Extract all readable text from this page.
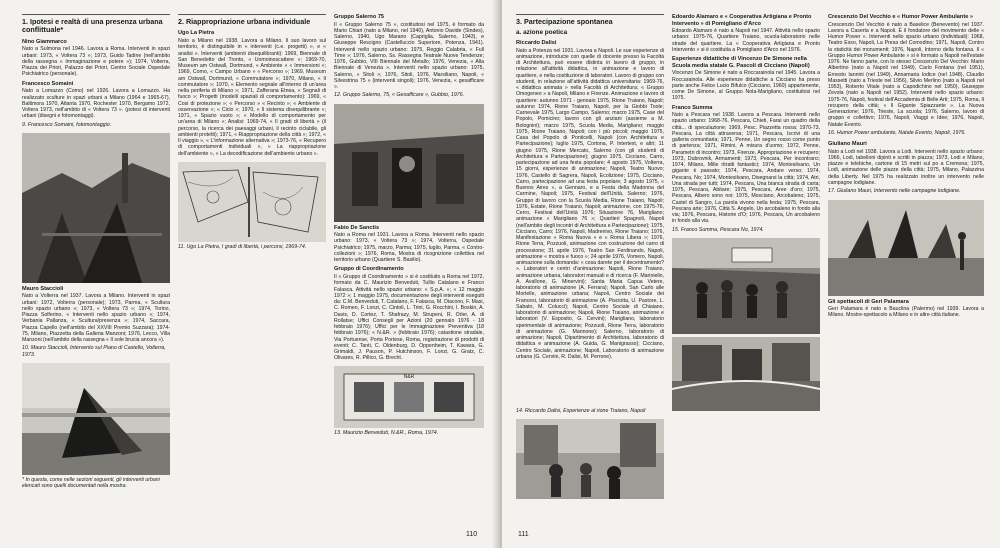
1. Ipotesi e realtà di una presenza urbana conflittuale*
Nino Giammarco

Nato a Sulmona nel 1946. Lavora a Roma. Interventi in spazi urbani: 1973, « Voltera 73 »; 1973, Guido Tadine (nell'ambito della rassegna « Immaginazione e potere »); 1974, Volterra, Piazza dei Priori, Palazzo dei Priori, Centro Sociale Ospedale Psichiatrico (personale).

Francesco Somaini

Nato a Lomazzo (Como) nel 1926. Lavora a Lomazzo. Ha realizzato sculture in spazi urbani a Milano (1964 e 1965-67), Baltimora 1970, Atlanta 1970, Rochester 1970, Bergamo 1972, Voltera 1973, nell'ambito di « Voltera 73 ». (potesi di interventi urbani (disegni e fotomontaggi).

9. Francesco Somaini, fotomontaggio.
Mauro Staccioli

Nato a Volterra nel 1937. Lavora a Milano. Interventi in spazi urbani: 1972, Volterra (personale); 1973, Parma, « Scultura nello spazio urbano »; 1973, « Voltera 73 »; 1974, Torino, Piazza Solferino, « Interventi nello spazio urbano »; 1974, Verbania Pallanza, « Scultura/presenza »; 1974, Saccara, Piazza Capello (nell'ambito del XXVIII Premio Suzzara); 1974-75, Milano, Piazzetta della Galleria Manzoni; 1976, Lecco, Villa Manzoni (nell'ambito della rassegna « Il sole brucia ancora »).

10. Mauro Staccioli, Intervento sul Piano di Castello, Volterra, 1973.

* In questa, come nelle sezioni seguenti, gli interventi urbani elencati sono quelli documentati nella mostra.

2. Riappropriazione urbana individuale
Ugo La Pietra

Nato a Milano nel 1938. Lavora a Milano. Il suo lavoro sul territorio, è distinguibile in « interventi (c.e. progetti) », e « analisi ». Interventi (ambienti disequilibranti): 1969, Biennale di San Benedetto del Tronto, « Uomoinoscattere »; 1969-70, Museum am Ostwall, Dortmund, « Ambiente » « Immersioni »; 1969, Como, « Campo Urbano » « Percorso »; 1969, Museum am Ostwall, Dortmund, « Commutatore »; 1970, Milano, « Il commutatore »; 1970, « Elemento segnale all'interno di un'area nella periferia di Milano »; 1971, Zafferana Etnea, « Segnali di fuoco »; Progetti (modelli spaziali di comportamento): 1969, « Cosi di protezione »; « Percorso » « Recinto »; « Ambiente di osservazione »; « Ciclo »; 1970, « Il sistema disequilibrante »; 1971, « Spazio vuoto »; « Modello di comportamento per un'area di Milano »; Analisi: 1969-74, « Il gradi di libertà » (il percorso, la ricerca dei paesaggi urbani, il recinto ciclabile, gli ambienti protetti); 1971, « Riappropriazione della città »; 1972, « Il viaggio », « L'informazione alternativa »; 1973-76, « Recupero di comportamenti individuali », « La riappropriazione dell'ambiente », « La decodificazione dell'ambiente urbano ».

11. Ugo La Pietra, I gradi di libertà, i percorsi, 1969-74.
Gruppo Salerno 75

Il « Gruppo Salerno 75 », costituitosi nel 1975, è formato da Mario Chiari (nato a Milano, nel 1940), Antonio Davide (Sindes), Salerno, 1940, Ugo Marano (Capriglia, Salerno, 1943), e Giuseppe Rescigno (Castelluccio Superiore, Potenza, 1941). Interventi nello spazio urbano: 1975, Reggio Calabria, « Full Time »; 1976, Salerno, Ss. Rassegna Teatrale Nuove Tendenze; 1976, Gubbio, VIII Biennale del Metallo; 1976, Venezia, « Alla Biennale di Venezia ». Interventi nello spazio urbano: 1975, Salerno, « Sitoli »; 1976, Sitoli, 1976, Marsiliano, Napoli, « Silvestrina 75 » (interventi singoli); 1976, Venezia, « gesafficare ».

12. Gruppo Salerno, 75, « Gesafficare », Gubbio, 1976.
Fabio De Sanctis

Nato a Roma nel 1931. Lavora a Roma. Interventi nello spazio urbano: 1973, « Voltera 73 »; 1974, Volterra, Ospedale Psichiatrico; 1975, marzo, Parma; 1975, luglio, Parma, « Contro-collezioni »; 1976, Roma, Mostra di ricognizione collettiva nel territorio urbano (Quartiere S. Basilio).

Gruppo di Coordinamento

Il « Gruppo di Coordinamento » si è costituito a Roma nel 1972, formato da C. Maurizio Benveduti, Tullio Catalano e Franco Falasca. Attività nello spazio urbano: « S.p.A. »; « 12 maggio 1972 »; 1 maggio 1975, documentazione degli interventi eseguiti da: C.M. Benveduti, T. Catalano, F. Falasca, M. Diacono, F. Masi, C. Romeo, F. Lonzi, C. Cintoli, L. Trini, G. Rocchini, I. Boskin, A. Davis, D. Cortez, T. Shafrazy, M. Strupeni, R. Orler, A. di Rollatse; Uffici Consegli per Azioni (20 gennaio 1976 - 18 febbraio 1976); Uffici per le Immaginazione Preventiva (18 febbraio 1976); « N.&R. » (febbraio 1976); catastione stradale, Via Portuense, Porta Portese, Roma, registrazione di prodotti di eventi; C. Tanti, C. Oldenburg, D. Oppenheim, T. Kawara, G. Grimaldi, J. Pauson, P. Hutchinson, F. Lonzi, G. Gratz, C. Olivares, R. Pillico, G. Brecht.

N&R
13. Maurizio Benveduti, N.&R., Roma, 1974.
110
3. Partecipazione spontanea
a. azione poetica
Riccardo Dalisi

Nato a Potenza nel 1931. Lavora a Napoli. Le sue esperienze di animazione, introducte con quelle di docente presso la Facoltà di Architettura, può essere distinta in lavoro di gruppo, in relazione all'attività didattica, in animazione e lavoro di quartiere, e nella costituzione di laboratori. Lavoro di gruppo con studenti, in relazione all'attività didattica universitaria: 1969-76, « didattica animata » nella Facoltà di Architettura; « Gruppo Omogeneo » a Napoli, Milano e Firenze. Animazione e lavoro di quartiere: autunno 1971 - gennaio 1975, Rione Traiano, Napoli; autunno 1974, Rione Traiano, Napoli, per la Giobbi Toole; Carnevale 1975, Largo Campo, Salerno; marzo 1975, Case del Popolo, Pomicino; lavoro con gli anziani (assieme a M. Bolognini); marzo 1975, Scuola Media, Marigliano; maggio 1975, Rione Traiano, Napoli; con i più piccoli; maggio 1975, Casa del Popolo di Ponticelli, Napoli (con Architettura e Partecipazione); luglio 1975, Cortona, P. Intertext, e altri; 11 giugno 1975, Rione Mercato, Salerno (con gli studenti di Architettura e Partecipazione); giugno 1975, Cicciano, Carro, partecipazione ad una festa popolare; 4 agosto 1975, Volterra, 15 giorni, esperienze di animazione; Napoli, Teatro Nuovo; 1976, Castello di Sagrera, Napoli, Ecolizione; 1975, Cicciano, Carro, partecipazione ad una festa popolare; 3 agosto 1975, « Buenos Aires », a Gennaro, e a Festa della Madonna del Carmine, Napoli; 1975, Festival dell'Unità, Salerno; 1976, Gruppo di lavoro con la Scuola Media, Rione Traiano, Napoli; 1976, Estate, Rione Traiano, Napoli; animazione, con 1975-76, Cerro, Festival dell'Unità 1976; Situazione 76, Marigliano; animazione « Marigliano 76 »; Quartieri Spagnoli, Napoli (nell'ambito degli incontri di Architettura e Partecipazione); 1975, Cicciano, Carro; 1976, Napoli, Madrenivo, Rione Traiano; 1976, Manifestazione « Roma Nuova » e « Roma Libera »; 1976, Rione Terra, Pozzuoli, animazione con costruzione del carro di processione; 31 aprile 1976, Teatro San Ferdinando, Napoli, animazione « mostra e fuoco »; 24 aprile 1976, Vomero, Napoli, animazione sulla domanda: « cosa darete per il decentramento? ». Laboratori e centri d'animazione: Napoli, Rione Traiano, animazione urbana, laboratori manuali e di ricerca (F. Mariniello, A. Avallone, G. Minervini); Santa Maria Capua Vetere, laboratorio di animazione (A. Ferrara); Napoli, San Carlo alle Mortelle, animazione urbana; Napoli, Centro Sociale dei Francesi, laboratorio di animazione (A. Pisciotta, U. Pastore, L. Sabato, M. Colucci); Napoli, Centro Sociale di Chiaiano, laboratorio di animazione; Napoli, Rione Traiano, animazione e laboratori (V. Esposito, G. Cervini); Marigliano, laboratorio sperimentale di animazione; Pozzuoli, Rione Terra, laboratorio di animazione (G. Mannone); Salerno, laboratorio di animazione; Napoli, Dipartimento di Architettura, laboratorio di didattica e animazione (A. Guida, G. Manigrasso); Cicciano, Centro Sociale, animazione; Napoli, Laboratorio di animazione urbana (G. Cervini, R. Dalisi, M. Perrone).

14. Riccardo Dalisi, Esperienze al rione Traiano, Napoli
Edoardo Alamaro e « Cooperativa Artigiana e Pronto Intervento » di Pomigliano d'Arco

Edoardo Alamaro è nato a Napoli nel 1947. Attività nello spazio urbano: 1975-76, Quartiere Traiano, scuola-laboratorio nelle strade del quartiere. La « Cooperativa Artigiana e Pronto Intervento » si è costituita a Pomigliano d'Arco nel 1976.

Esperienze didattiche di Vincenzo De Simone nella Scuola media statale G. Pascoli di Cicciano (Napoli)

Vincenzo De Simone è nato a Roccarainola nel 1945. Lavora a Roccarainola. Alle esperienze didattiche a Cicciano ha preso parte anche Felice Lucio Bifulco (Cicciano, 1960) appartenente, come De Simone, al Gruppo Nola-Marigliano, costituitosi nel 1975.

Franco Summa

Nato a Pescara nel 1938. Lavora a Pescara. Interventi nello spazio urbano: 1968-76, Pescara, Chieti, Farai un quadro della città... di speculazione; 1969, Pesc. Piazzetta rossa; 1970-73, Pescara, La città attraversa; 1971, Pescara, Iscrivi di una galleria comunitaria; 1971, Penne, Un segno rosso come punto di partenza; 1971, Rimini, A misura d'uomo; 1972, Penne, Parametri di incontro; 1973, Firenze, Appropriazione e recupero; 1973, Dubrovnik, Armamenti; 1973, Pescara, Per incontrarci; 1974, Milano, Mille ritratti fantastici; 1974, Montesilvano, Un gigante è passato; 1974, Pescara, Andare verso; 1974, Pescara, No; 1974, Montesilvano, Disegnarsi la città; 1974, Atri, Una strada per tutti; 1974, Pescara, Una bianca strada di carta; 1975, Pescara, Abitare; 1975, Pescara, Aree d'oro; 1975, Pescara, Albero sono noi; 1975, Mosciano, Arcobaleno; 1975, Castel di Sangro, La parola vivono nella festa; 1975, Pescara, Pescara arte; 1976, Città S. Angelo, Un arcobaleno in fondo alla via; 1976, Pescara, Historie d'O; 1976, Pescara, Un arcobaleno in fondo alla via.

15. Franco Summa, Pescara No, 1974.
Crescenzio Del Vecchio e « Humor Power Ambulante »

Crescenzio Del Vecchio è nato a Baselice (Benevento) nel 1937. Lavora a Caserta e a Napoli. È il fondatore del movimento delle « Humor Power ». Interventi nello spazio urbano (individuali): 1968, Teatro Esso, Napoli, La Presa del Comodino; 1971, Napoli, Contro la staticità dei monumenti; 1976, Napoli, Intorno della fontana. Il « Gruppo Humor Power Ambulante » si è formato a Napoli nell'estate 1976. Ne fanno parte, con lo stesso Crescenzio Del Vecchio: Mario Albertino (nato a Napoli nel 1949), Carlo Fontana (nel 1951), Ernesto Iannini (nel 1949), Annamaria Iodice (nel 1948), Claudio Massetti (nato a Trieste nel 1956), Silvio Merlino (nato a Napoli nel 1953), Roberto Vitale (nato a Capodichino nel 1950), Giuseppe Zevola (nato a Napoli nel 1952). Interventi nello spazio urbano: 1975-76, Napoli, festival dell'Accademia di Belle Arti; 1975, Roma, Il recupero della città; « Il Gigante Spiazzante ». La Nuova Generazione; 1976, Trieste, La scuola; 1976, Salerno, lavoro di gruppo e collettivo; 1976, Napoli, Viaggi e Idee; 1976, Napoli, Natale Evento.

16. Humor Power ambulante, Natale Evento, Napoli, 1976.
Giuliano Mauri

Nato a Lodi nel 1938. Lavora a Lodi. Interventi nello spazio urbano: 1966, Lodi, tabelloni dipinti e scritti in piazza; 1973, Lodi e Milano, piazze e telebiche, cartone di 15 metri sul po a Cremona; 1975, Lodi, animazione delle piazze della città; 1975, Milano, Palazzina della Liberty. Nel 1975 ha realizzato inoltre un intervento nelle campagne lodigiane.

17. Giuliano Mauri, Intervento nelle campagne lodigiane.
Gli spettacoli di Geri Palamara

Geri Palamara è nato a Bauclina (Palermo) nel 1939. Lavora a Milano. Mostre-spettacolo a Milano e in altre città italiane.

111
